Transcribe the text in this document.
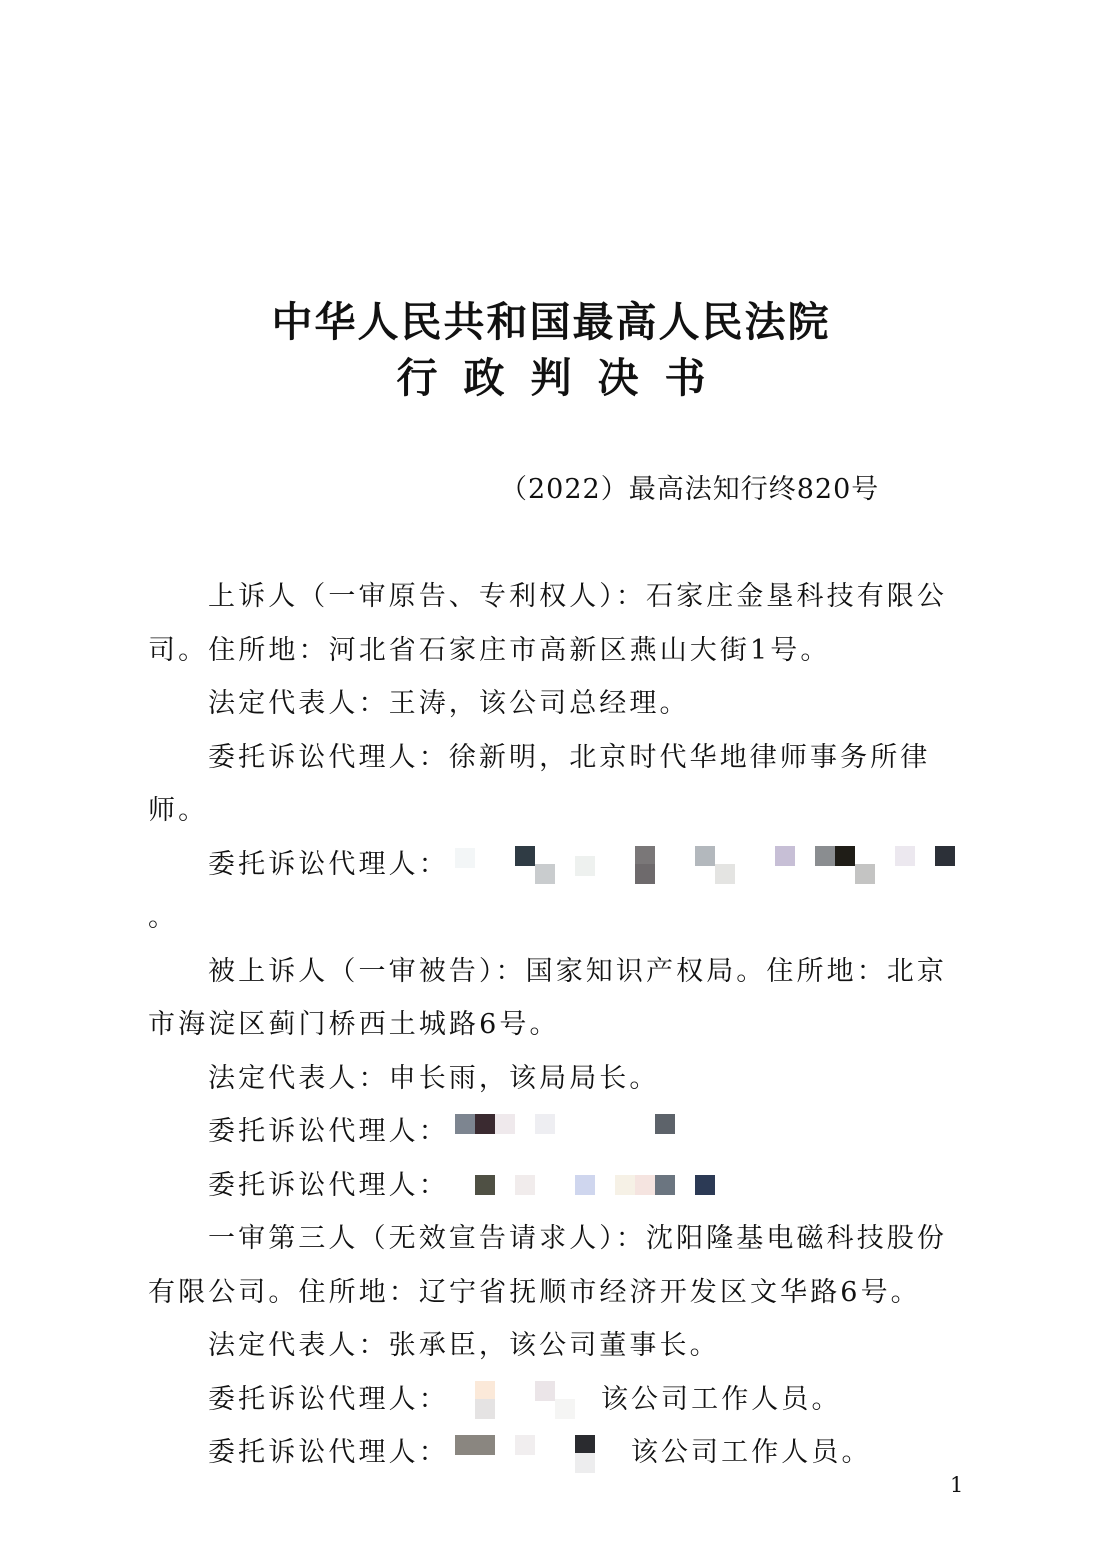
中华人民共和国最高人民法院
行政判决书
（2022）最高法知行终820号

上诉人（一审原告、专利权人）：石家庄金垦科技有限公司。住所地：河北省石家庄市高新区燕山大街1号。

法定代表人：王涛，该公司总经理。

委托诉讼代理人：徐新明，北京时代华地律师事务所律师。

委托诉讼代理人：
。

被上诉人（一审被告）：国家知识产权局。住所地：北京市海淀区蓟门桥西土城路6号。

法定代表人：申长雨，该局局长。

委托诉讼代理人：

委托诉讼代理人：

一审第三人（无效宣告请求人）：沈阳隆基电磁科技股份有限公司。住所地：辽宁省抚顺市经济开发区文华路6号。

法定代表人：张承臣，该公司董事长。

委托诉讼代理人：	该公司工作人员。

委托诉讼代理人：	该公司工作人员。

1
